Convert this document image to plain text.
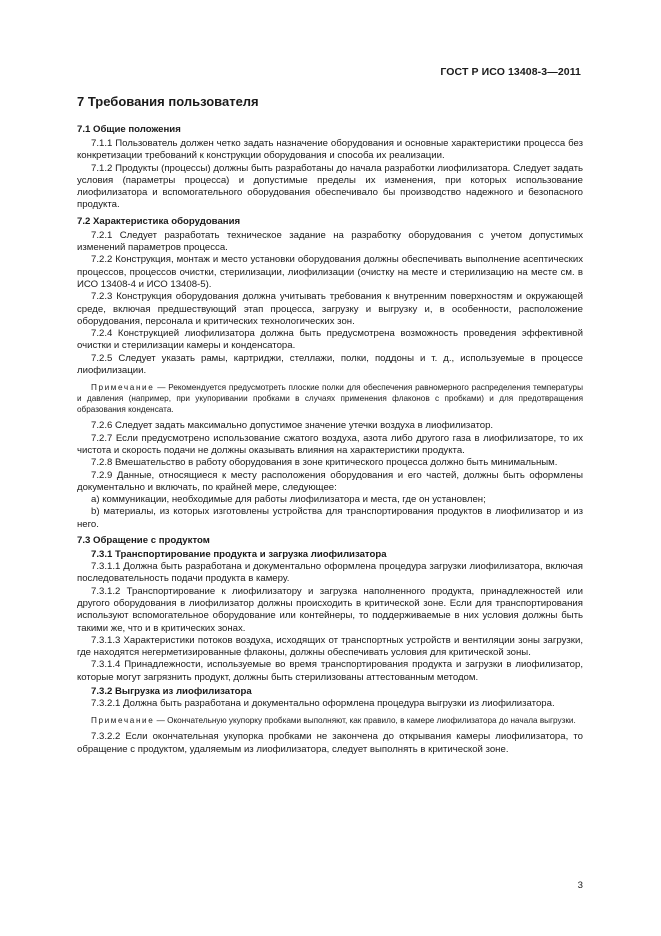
ГОСТ Р ИСО 13408-3—2011
7 Требования пользователя
7.1 Общие положения

7.1.1 Пользователь должен четко задать назначение оборудования и основные характеристики процесса без конкретизации требований к конструкции оборудования и способа их реализации.

7.1.2 Продукты (процессы) должны быть разработаны до начала разработки лиофилизатора. Следует задать условия (параметры процесса) и допустимые пределы их изменения, при которых использование лиофилизатора и вспомогательного оборудования обеспечивало бы производство надежного и безопасного продукта.

7.2 Характеристика оборудования

7.2.1 Следует разработать техническое задание на разработку оборудования с учетом допустимых изменений параметров процесса.

7.2.2 Конструкция, монтаж и место установки оборудования должны обеспечивать выполнение асептических процессов, процессов очистки, стерилизации, лиофилизации (очистку на месте и стерилизацию на месте см. в ИСО 13408-4 и ИСО 13408-5).

7.2.3 Конструкция оборудования должна учитывать требования к внутренним поверхностям и окружающей среде, включая предшествующий этап процесса, загрузку и выгрузку и, в особенности, расположение оборудования, персонала и критических технологических зон.

7.2.4 Конструкцией лиофилизатора должна быть предусмотрена возможность проведения эффективной очистки и стерилизации камеры и конденсатора.

7.2.5 Следует указать рамы, картриджи, стеллажи, полки, поддоны и т. д., используемые в процессе лиофилизации.

Примечание — Рекомендуется предусмотреть плоские полки для обеспечения равномерного распределения температуры и давления (например, при укупоривании пробками в случаях применения флаконов с пробками) и для предотвращения образования конденсата.

7.2.6 Следует задать максимально допустимое значение утечки воздуха в лиофилизатор.

7.2.7 Если предусмотрено использование сжатого воздуха, азота либо другого газа в лиофилизаторе, то их чистота и скорость подачи не должны оказывать влияния на характеристики продукта.

7.2.8 Вмешательство в работу оборудования в зоне критического процесса должно быть минимальным.

7.2.9 Данные, относящиеся к месту расположения оборудования и его частей, должны быть оформлены документально и включать, по крайней мере, следующее:

а) коммуникации, необходимые для работы лиофилизатора и места, где он установлен;

b) материалы, из которых изготовлены устройства для транспортирования продуктов в лиофилизатор и из него.

7.3 Обращение с продуктом
7.3.1 Транспортирование продукта и загрузка лиофилизатора

7.3.1.1 Должна быть разработана и документально оформлена процедура загрузки лиофилизатора, включая последовательность подачи продукта в камеру.

7.3.1.2 Транспортирование к лиофилизатору и загрузка наполненного продукта, принадлежностей или другого оборудования в лиофилизатор должны происходить в критической зоне. Если для транспортирования используют вспомогательное оборудование или контейнеры, то поддерживаемые в них условия должны быть такими же, что и в критических зонах.

7.3.1.3 Характеристики потоков воздуха, исходящих от транспортных устройств и вентиляции зоны загрузки, где находятся негерметизированные флаконы, должны обеспечивать условия для критической зоны.

7.3.1.4 Принадлежности, используемые во время транспортирования продукта и загрузки в лиофилизатор, которые могут загрязнить продукт, должны быть стерилизованы аттестованным методом.

7.3.2 Выгрузка из лиофилизатора

7.3.2.1 Должна быть разработана и документально оформлена процедура выгрузки из лиофилизатора.

Примечание — Окончательную укупорку пробками выполняют, как правило, в камере лиофилизатора до начала выгрузки.

7.3.2.2 Если окончательная укупорка пробками не закончена до открывания камеры лиофилизатора, то обращение с продуктом, удаляемым из лиофилизатора, следует выполнять в критической зоне.

3
